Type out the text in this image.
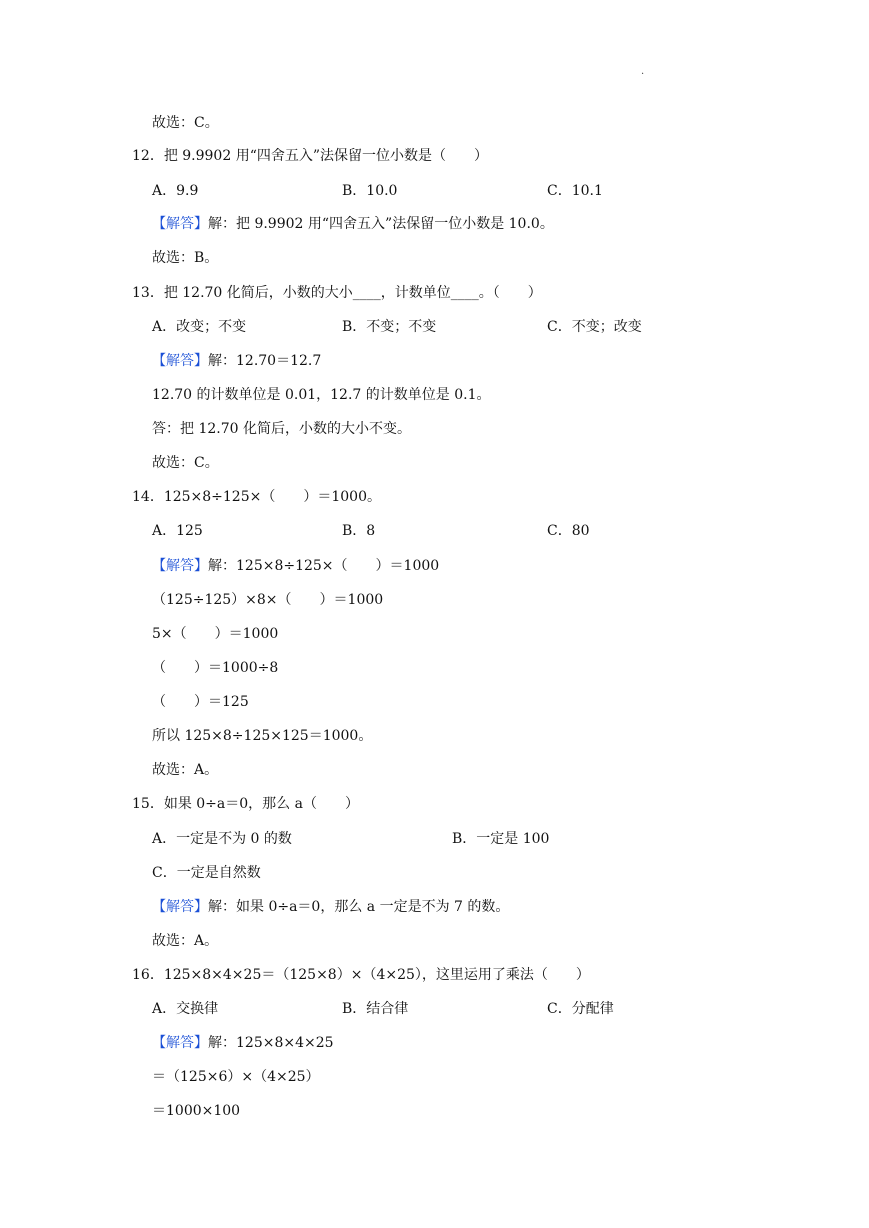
.
故选：C。
12．把 9.9902 用“四舍五入”法保留一位小数是（　　）
A．9.9	B．10.0	C．10.1
【解答】解：把 9.9902 用“四舍五入”法保留一位小数是 10.0。
故选：B。
13．把 12.70 化简后，小数的大小____，计数单位____。（　　）
A．改变；不变	B．不变；不变	C．不变；改变
【解答】解：12.70＝12.7
12.70 的计数单位是 0.01，12.7 的计数单位是 0.1。
答：把 12.70 化简后，小数的大小不变。
故选：C。
14．125×8÷125×（　　）＝1000。
A．125	B．8	C．80
【解答】解：125×8÷125×（　　）＝1000
（125÷125）×8×（　　）＝1000
5×（　　）＝1000
（　　）＝1000÷8
（　　）＝125
所以 125×8÷125×125＝1000。
故选：A。
15．如果 0÷a＝0，那么 a（　　）
A．一定是不为 0 的数	B．一定是 100
C．一定是自然数
【解答】解：如果 0÷a＝0，那么 a 一定是不为 7 的数。
故选：A。
16．125×8×4×25＝（125×8）×（4×25），这里运用了乘法（　　）
A．交换律	B．结合律	C．分配律
【解答】解：125×8×4×25
＝（125×6）×（4×25）
＝1000×100
